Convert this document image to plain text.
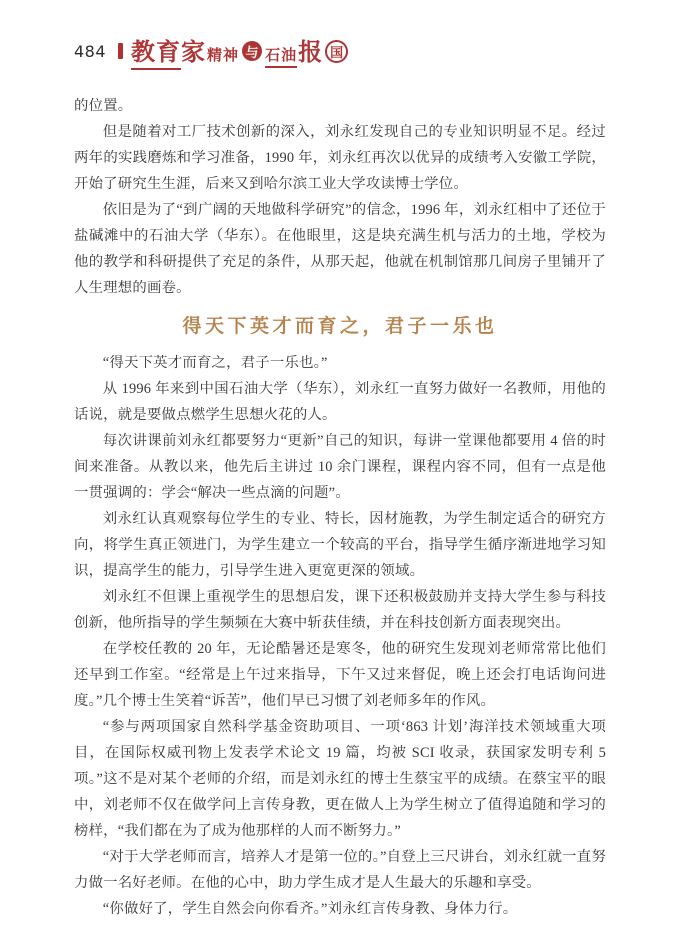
484 教育 家 精神 与 石油 报 国

的位置。

但是随着对工厂技术创新的深入，刘永红发现自己的专业知识明显不足。经过两年的实践磨炼和学习准备，1990 年，刘永红再次以优异的成绩考入安徽工学院，开始了研究生生涯，后来又到哈尔滨工业大学攻读博士学位。

依旧是为了“到广阔的天地做科学研究”的信念，1996 年，刘永红相中了还位于盐碱滩中的石油大学（华东）。在他眼里，这是块充满生机与活力的土地，学校为他的教学和科研提供了充足的条件，从那天起，他就在机制馆那几间房子里铺开了人生理想的画卷。

得天下英才而育之，君子一乐也

“得天下英才而育之，君子一乐也。”

从 1996 年来到中国石油大学（华东），刘永红一直努力做好一名教师，用他的话说，就是要做点燃学生思想火花的人。

每次讲课前刘永红都要努力“更新”自己的知识，每讲一堂课他都要用 4 倍的时间来准备。从教以来，他先后主讲过 10 余门课程，课程内容不同，但有一点是他一贯强调的：学会“解决一些点滴的问题”。

刘永红认真观察每位学生的专业、特长，因材施教，为学生制定适合的研究方向，将学生真正领进门，为学生建立一个较高的平台，指导学生循序渐进地学习知识，提高学生的能力，引导学生进入更宽更深的领域。

刘永红不但课上重视学生的思想启发，课下还积极鼓励并支持大学生参与科技创新，他所指导的学生频频在大赛中斩获佳绩，并在科技创新方面表现突出。

在学校任教的 20 年，无论酷暑还是寒冬，他的研究生发现刘老师常常比他们还早到工作室。“经常是上午过来指导，下午又过来督促，晚上还会打电话询问进度。”几个博士生笑着“诉苦”，他们早已习惯了刘老师多年的作风。

“参与两项国家自然科学基金资助项目、一项‘863 计划’海洋技术领域重大项目，在国际权威刊物上发表学术论文 19 篇，均被 SCI 收录，获国家发明专利 5 项。”这不是对某个老师的介绍，而是刘永红的博士生蔡宝平的成绩。在蔡宝平的眼中，刘老师不仅在做学问上言传身教，更在做人上为学生树立了值得追随和学习的榜样，“我们都在为了成为他那样的人而不断努力。”

“对于大学老师而言，培养人才是第一位的。”自登上三尺讲台，刘永红就一直努力做一名好老师。在他的心中，助力学生成才是人生最大的乐趣和享受。

“你做好了，学生自然会向你看齐。”刘永红言传身教、身体力行。
